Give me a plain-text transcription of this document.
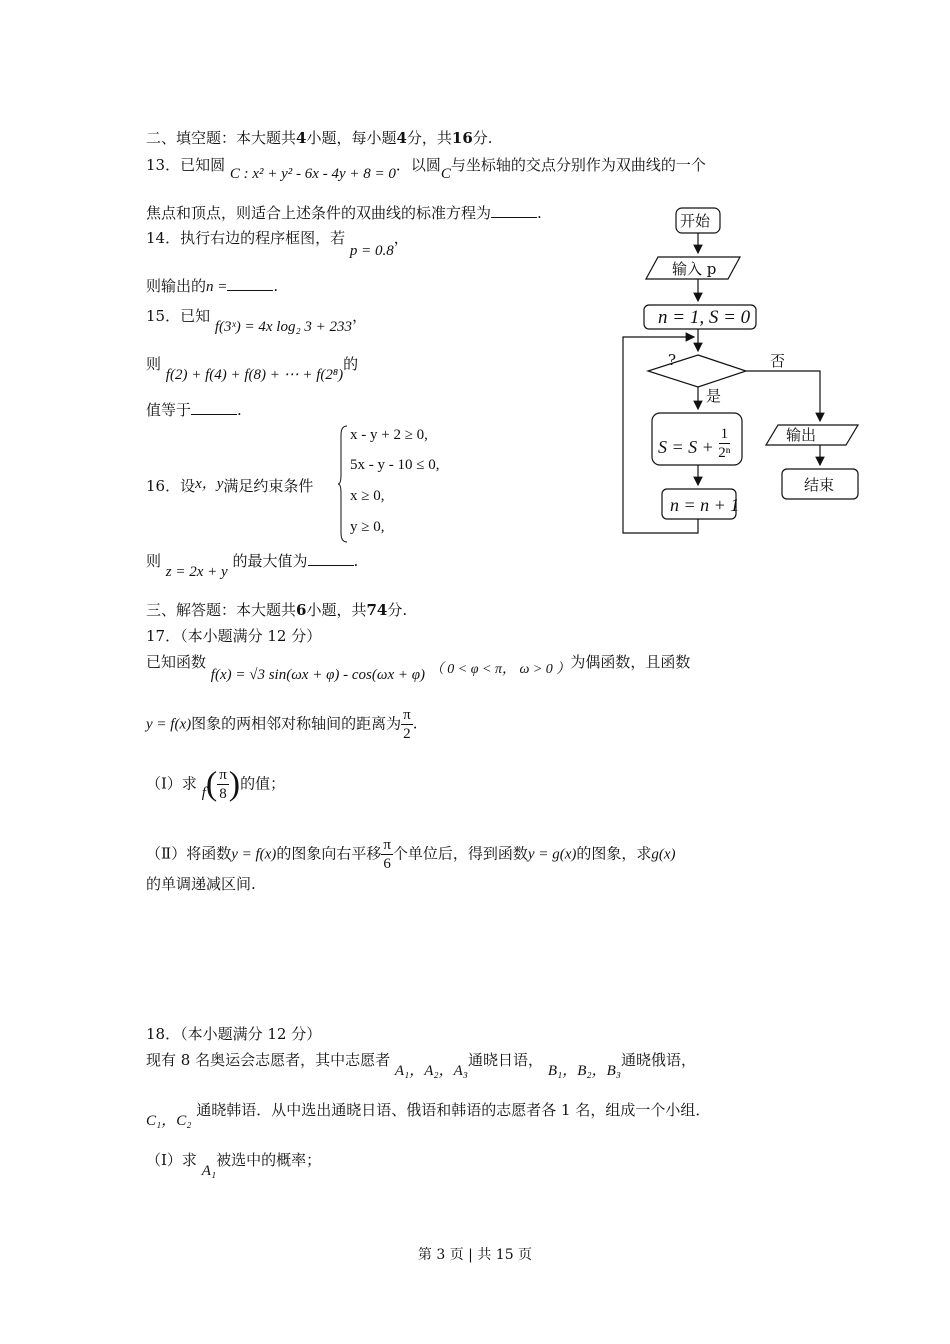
二、填空题：本大题共4小题，每小题4分，共16分.
13．已知圆 C : x² + y² - 6x - 4y + 8 = 0．以圆C与坐标轴的交点分别作为双曲线的一个
焦点和顶点，则适合上述条件的双曲线的标准方程为	.
14．执行右边的程序框图，若 p = 0.8，
则输出的n =	.
15．已知 f(3ˣ) = 4x log₂ 3 + 233，
则 f(2) + f(4) + f(8) + ⋯ + f(2⁸)的
值等于	.
16．设x，y满足约束条件
x - y + 2 ≥ 0,
5x - y - 10 ≤ 0,
x ≥ 0,
y ≥ 0,
则 z = 2x + y 的最大值为	.
开始
输入 p
n = 1, S = 0
?	否
是
$S = S + \frac{1}{\text{2ⁿ}}$
n = n + 1
输出
结束
三、解答题：本大题共6小题，共74分.
17．（本小题满分 12 分）
已知函数 f(x) = √3 sin(ωx + φ) - cos(ωx + φ) （ 0 < φ < π， ω > 0 ）为偶函数，且函数
y = f(x)图象的两相邻对称轴间的距离为 $\frac{\pi}{2}$ .
（Ⅰ）求 $f( \frac{\pi}{8}$ )的值；
（Ⅱ）将函数y = f(x)的图象向右平移 $\frac{\pi}{6}$ 个单位后，得到函数y = g(x)的图象，求g(x)
的单调递减区间.
18．（本小题满分 12 分）
现有 8 名奥运会志愿者，其中志愿者 A₁，A₂，A₃通晓日语， B₁，B₂，B₃通晓俄语，
C₁，C₂ 通晓韩语．从中选出通晓日语、俄语和韩语的志愿者各 1 名，组成一个小组．
（Ⅰ）求 A₁被选中的概率；
第 3 页 | 共 15 页
